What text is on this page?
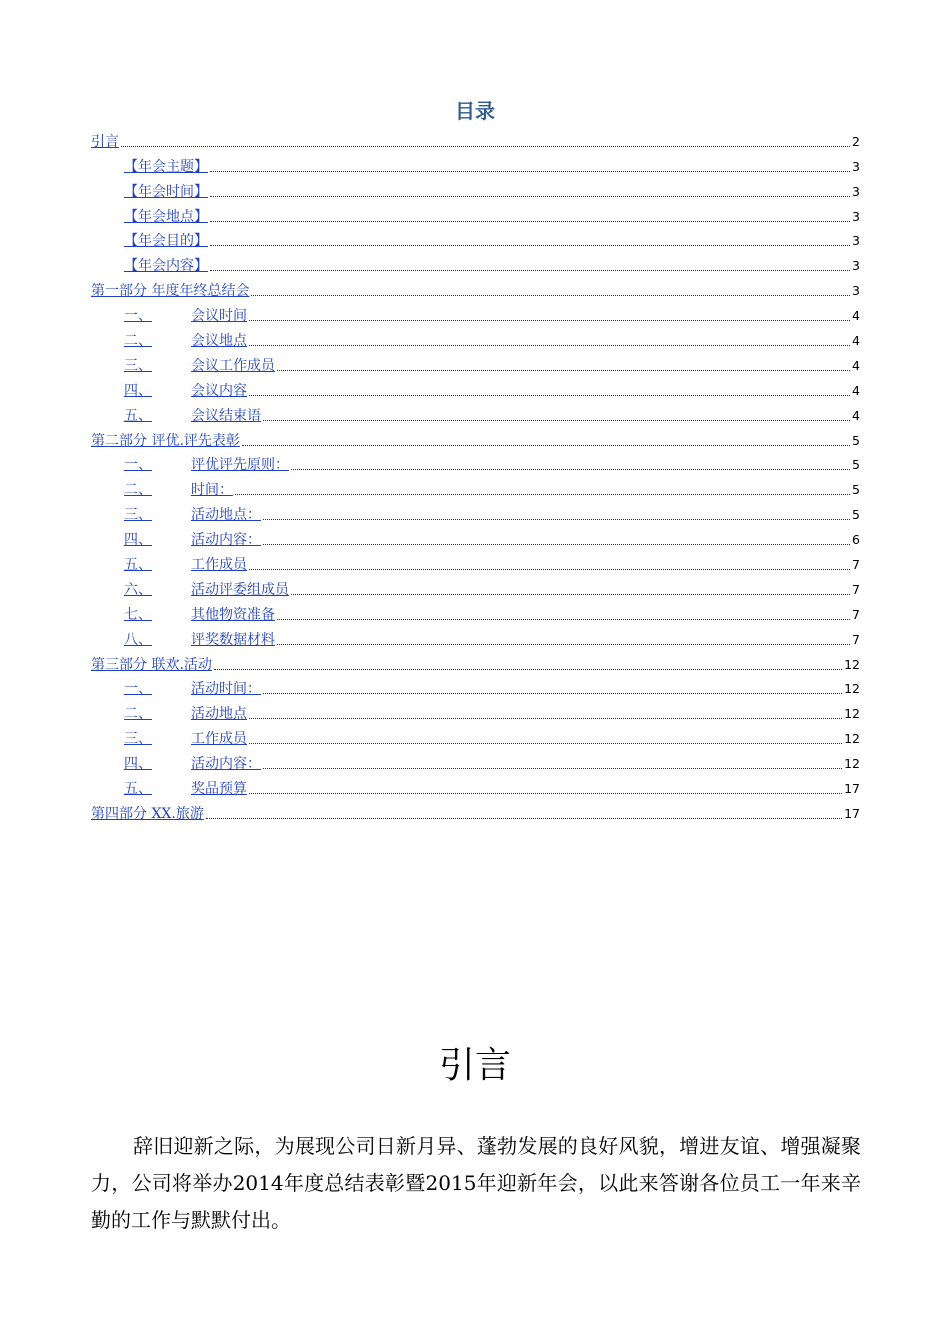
目录
引言	2
【年会主题】	3
【年会时间】	3
【年会地点】	3
【年会目的】	3
【年会内容】	3
第一部分 年度年终总结会	3
一、	会议时间	4
二、	会议地点	4
三、	会议工作成员	4
四、	会议内容	4
五、	会议结束语	4
第二部分 评优.评先表彰	5
一、	评优评先原则：	5
二、	时间：	5
三、	活动地点：	5
四、	活动内容：	6
五、	工作成员	7
六、	活动评委组成员	7
七、	其他物资准备	7
八、	评奖数据材料	7
第三部分 联欢.活动	12
一、	活动时间：	12
二、	活动地点	12
三、	工作成员	12
四、	活动内容：	12
五、	奖品预算	17
第四部分 XX.旅游	17
引言
辞旧迎新之际，为展现公司日新月异、蓬勃发展的良好风貌，增进友谊、增强凝聚力，公司将举办2014年度总结表彰暨2015年迎新年会，以此来答谢各位员工一年来辛勤的工作与默默付出。
